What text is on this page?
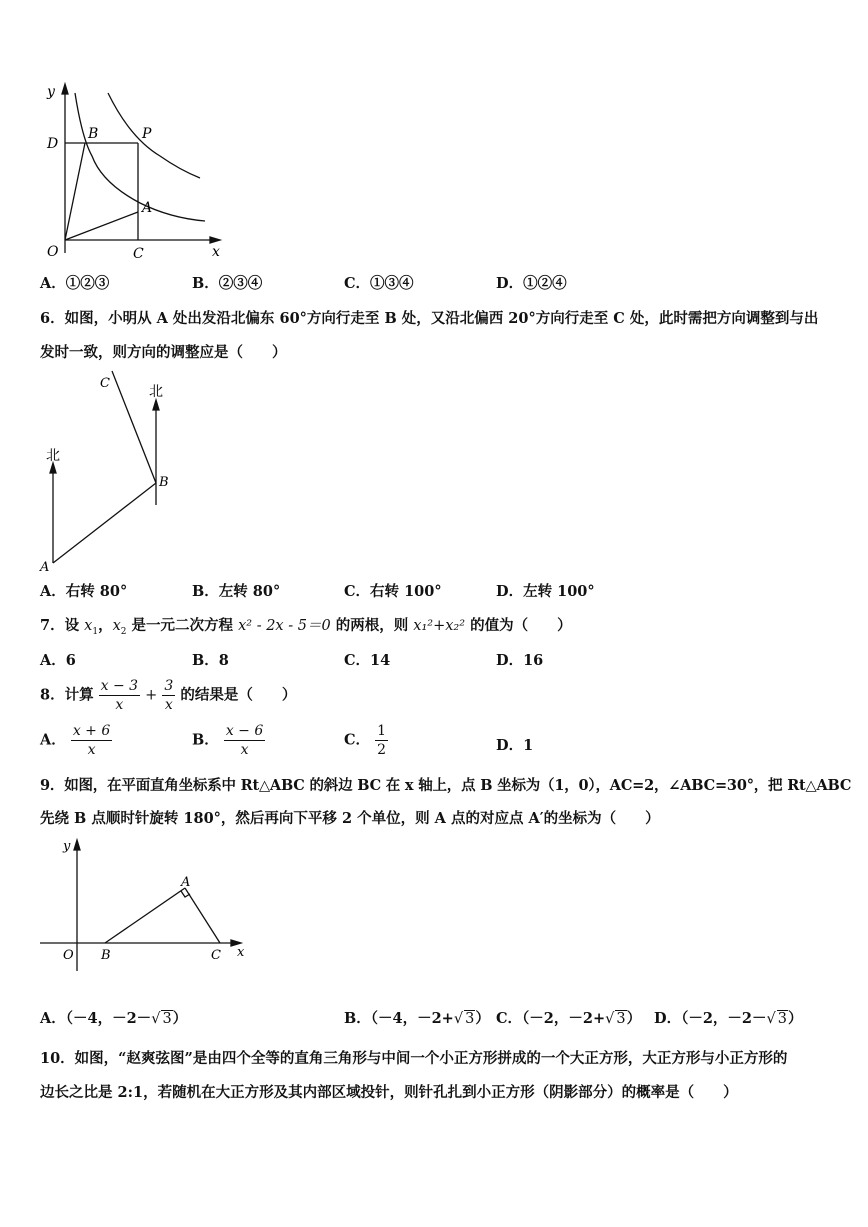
y
x
D
B	P
A
O	C
A．①②③	B．②③④	C．①③④	D．①②④
6．如图，小明从 A 处出发沿北偏东 60°方向行走至 B 处，又沿北偏西 20°方向行走至 C 处，此时需把方向调整到与出
发时一致，则方向的调整应是（　　）
北
北
A
B
C
A．右转 80°	B．左转 80°	C．右转 100°	D．左转 100°
7．设 $x_1$，$x_2$ 是一元二次方程 x² - 2x - 5＝0 的两根，则 x₁²+x₂² 的值为（　　）
A．6	B．8	C．14	D．16
8．计算 $\frac{x - 3}{x} + \frac{3}{x}$ 的结果是（　　）
A． $\frac{x + 6}{x}$	B． $\frac{x - 6}{x}$	C． $\frac{1}{2}$	D．1
9．如图，在平面直角坐标系中 Rt△ABC 的斜边 BC 在 x 轴上，点 B 坐标为（1，0），AC=2，∠ABC=30°，把 Rt△ABC
先绕 B 点顺时针旋转 180°，然后再向下平移 2 个单位，则 A 点的对应点 A′的坐标为（　　）
y
x
O B	C
A
A．（－4，－2－√ 3）	B．（－4，－2+√ 3） C．（－2，－2+√ 3） D．（－2，－2－√ 3）
10．如图，“赵爽弦图”是由四个全等的直角三角形与中间一个小正方形拼成的一个大正方形，大正方形与小正方形的
边长之比是 2:1，若随机在大正方形及其内部区域投针，则针孔扎到小正方形（阴影部分）的概率是（　　）
